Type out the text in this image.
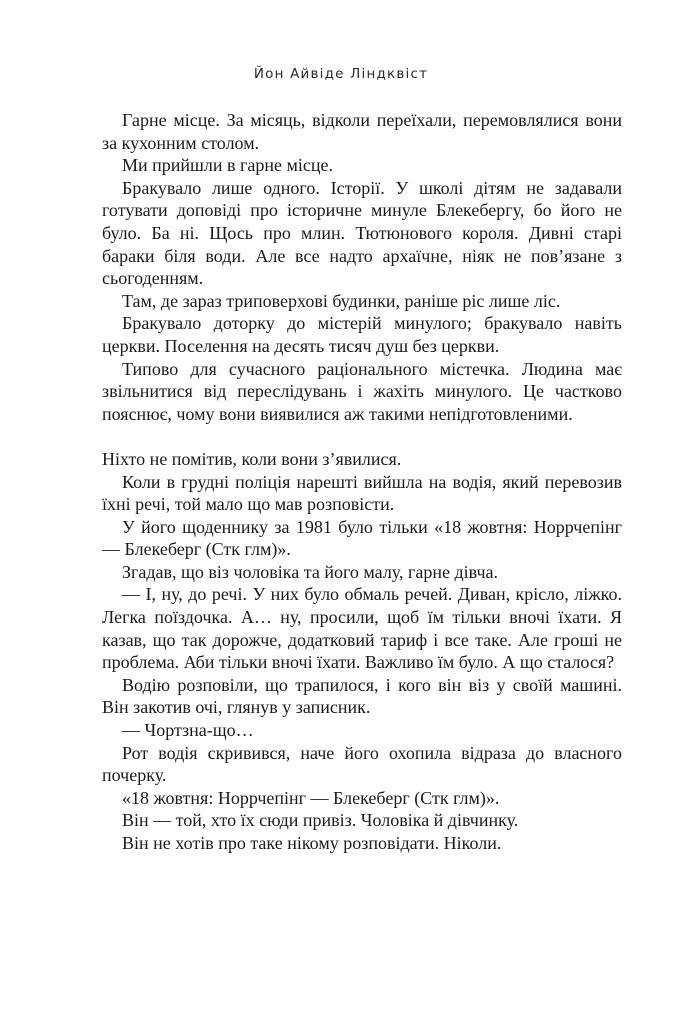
Йон Айвіде Ліндквіст

Гарне місце. За місяць, відколи переїхали, перемовлялися вони за кухонним столом.

Ми прийшли в гарне місце.

Бракувало лише одного. Історії. У школі дітям не задавали готувати доповіді про історичне минуле Блекебергу, бо його не було. Ба ні. Щось про млин. Тютюнового короля. Дивні старі бараки біля води. Але все надто архаїчне, ніяк не пов’язане з сьогоденням.

Там, де зараз триповерхові будинки, раніше ріс лише ліс.

Бракувало доторку до містерій минулого; бракувало навіть церкви. Поселення на десять тисяч душ без церкви.

Типово для сучасного раціонального містечка. Людина має звільнитися від переслідувань і жахіть минулого. Це частково пояснює, чому вони виявилися аж такими непідготовленими.

Ніхто не помітив, коли вони з’явилися.

Коли в грудні поліція нарешті вийшла на водія, який перевозив їхні речі, той мало що мав розповісти.

У його щоденнику за 1981 було тільки «18 жовтня: Норрчепінг — Блекеберг (Стк глм)».

Згадав, що віз чоловіка та його малу, гарне дівча.

— І, ну, до речі. У них було обмаль речей. Диван, крісло, ліжко. Легка поїздочка. А… ну, просили, щоб їм тільки вночі їхати. Я казав, що так дорожче, додатковий тариф і все таке. Але гроші не проблема. Аби тільки вночі їхати. Важливо їм було. А що сталося?

Водію розповіли, що трапилося, і кого він віз у своїй машині. Він закотив очі, глянув у записник.

— Чортзна-що…

Рот водія скривився, наче його охопила відраза до власного почерку.

«18 жовтня: Норрчепінг — Блекеберг (Стк глм)».

Він — той, хто їх сюди привіз. Чоловіка й дівчинку.

Він не хотів про таке нікому розповідати. Ніколи.
